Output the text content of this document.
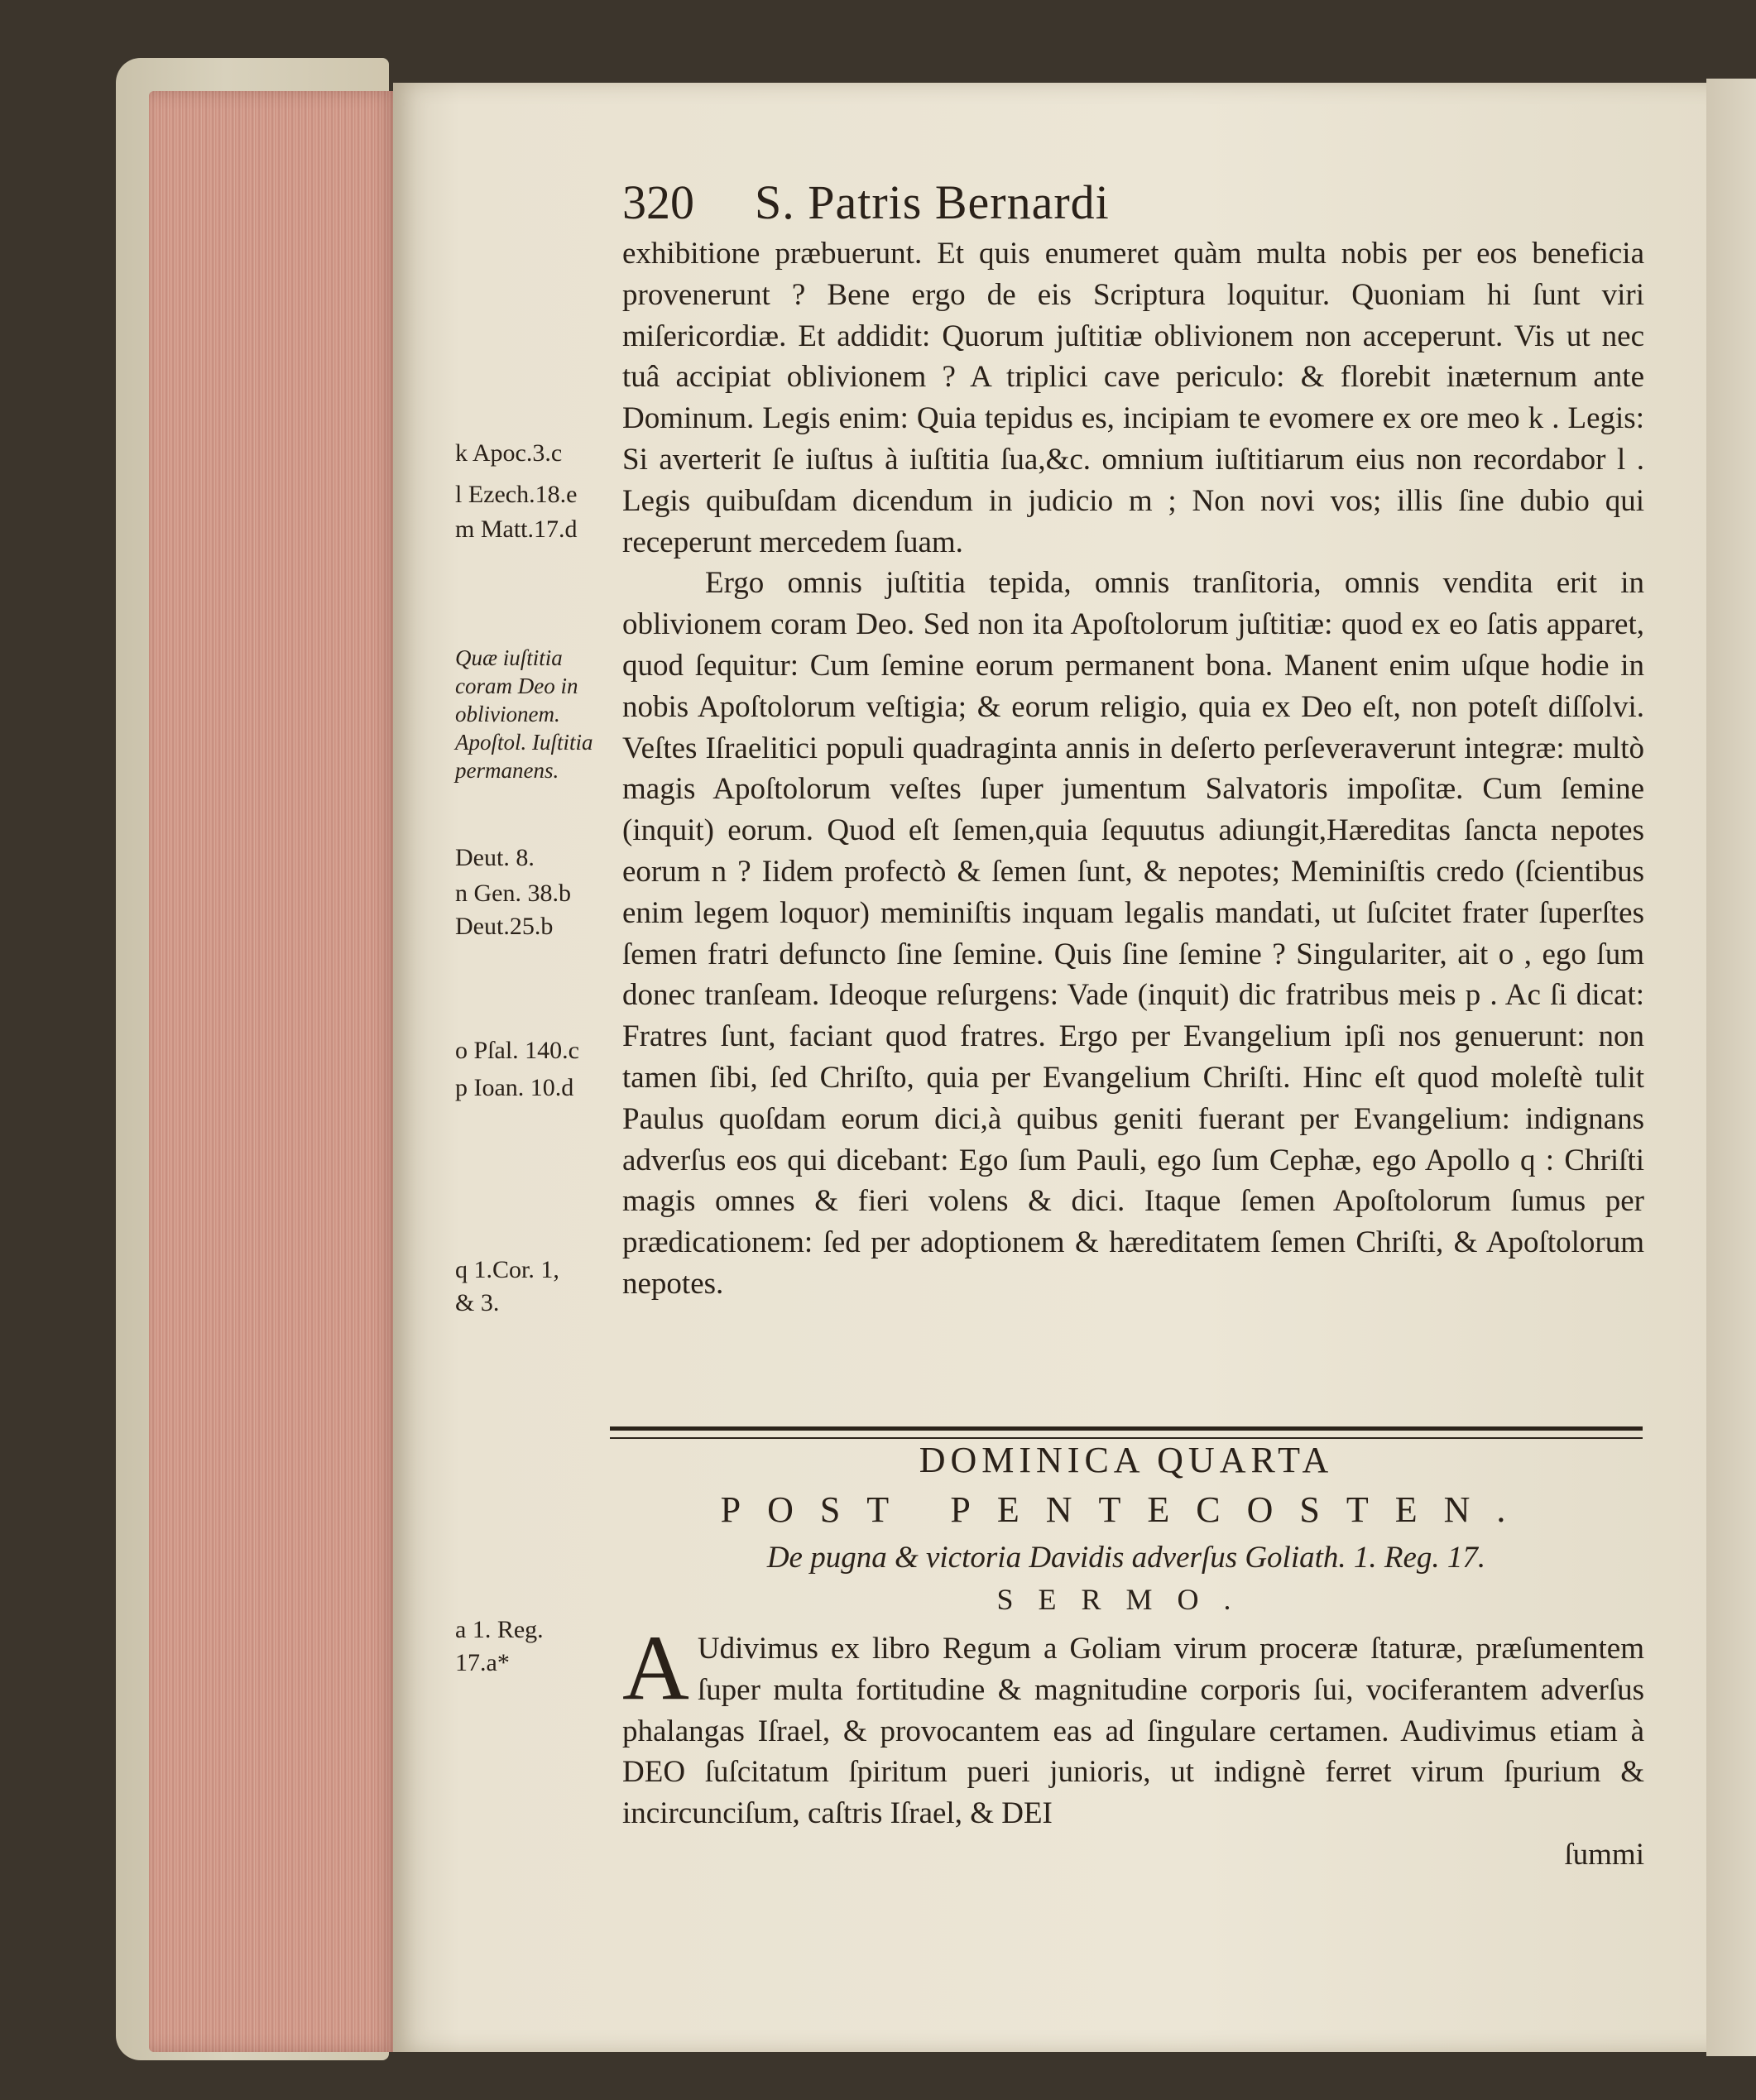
320 S. Patris Bernardi

exhibitione præbuerunt. Et quis enumeret quàm multa nobis per eos beneficia provenerunt ? Bene ergo de eis Scriptura loquitur. Quoniam hi ſunt viri miſericordiæ. Et addidit: Quorum juſtitiæ oblivionem non acceperunt. Vis ut nec tuâ accipiat oblivionem ? A triplici cave periculo: & florebit inæternum ante Dominum. Legis enim: Quia tepidus es, incipiam te evomere ex ore meo k . Legis: Si averterit ſe iuſtus à iuſtitia ſua,&c. omnium iuſtitiarum eius non recordabor l . Legis quibuſdam dicendum in judicio m ; Non novi vos; illis ſine dubio qui receperunt mercedem ſuam.

Ergo omnis juſtitia tepida, omnis tranſitoria, omnis vendita erit in oblivionem coram Deo. Sed non ita Apoſtolorum juſtitiæ: quod ex eo ſatis apparet, quod ſequitur: Cum ſemine eorum permanent bona. Manent enim uſque hodie in nobis Apoſtolorum veſtigia; & eorum religio, quia ex Deo eſt, non poteſt diſſolvi. Veſtes Iſraelitici populi quadraginta annis in deſerto perſeveraverunt integræ: multò magis Apoſtolorum veſtes ſuper jumentum Salvatoris impoſitæ. Cum ſemine (inquit) eorum. Quod eſt ſemen,quia ſequutus adiungit,Hæreditas ſancta nepotes eorum n ? Iidem profectò & ſemen ſunt, & nepotes; Meminiſtis credo (ſcientibus enim legem loquor) meminiſtis inquam legalis mandati, ut ſuſcitet frater ſuperſtes ſemen fratri defuncto ſine ſemine. Quis ſine ſemine ? Singulariter, ait o , ego ſum donec tranſeam. Ideoque reſurgens: Vade (inquit) dic fratribus meis p . Ac ſi dicat: Fratres ſunt, faciant quod fratres. Ergo per Evangelium ipſi nos genuerunt: non tamen ſibi, ſed Chriſto, quia per Evangelium Chriſti. Hinc eſt quod moleſtè tulit Paulus quoſdam eorum dici,à quibus geniti fuerant per Evangelium: indignans adverſus eos qui dicebant: Ego ſum Pauli, ego ſum Cephæ, ego Apollo q : Chriſti magis omnes & fieri volens & dici. Itaque ſemen Apoſtolorum ſumus per prædicationem: ſed per adoptionem & hæreditatem ſemen Chriſti, & Apoſtolorum nepotes.

k Apoc.3.c
l Ezech.18.e
m Matt.17.d
Quæ iuſtitia coram Deo in oblivionem. Apoſtol. Iuſtitia permanens.
Deut. 8.
n Gen. 38.b
Deut.25.b
o Pſal. 140.c
p Ioan. 10.d
q 1.Cor. 1,
& 3.
a 1. Reg.
17.a*
DOMINICA QUARTA
POST PENTECOSTEN.
De pugna & victoria Davidis adverſus Goliath. 1. Reg. 17.
SERMO.
A Udivimus ex libro Regum a Goliam virum proceræ ſtaturæ, præſumentem ſuper multa fortitudine & magnitudine corporis ſui, vociferantem adverſus phalangas Iſrael, & provocantem eas ad ſingulare certamen. Audivimus etiam à DEO ſuſcitatum ſpiritum pueri junioris, ut indignè ferret virum ſpurium & incircunciſum, caſtris Iſrael, & DEI
ſummi
